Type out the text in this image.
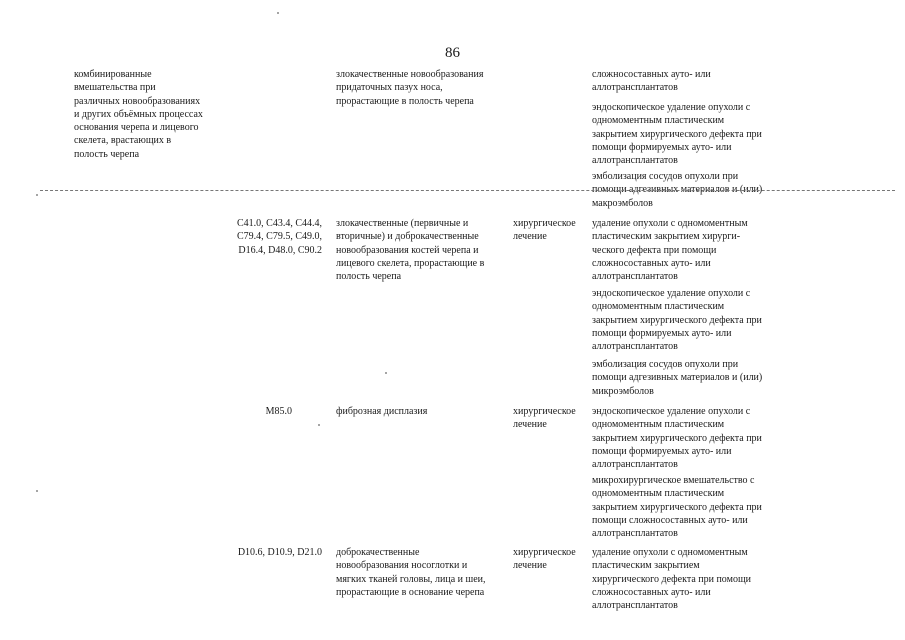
86
комбинированные
вмешательства при
различных новообразованиях
и других объёмных процессах
основания черепа и лицевого
скелета, врастающих в
полость черепа
злокачественные новообразования
придаточных пазух носа,
прорастающие в полость черепа
сложносоставных ауто- или
аллотрансплантатов
эндоскопическое удаление опухоли с
одномоментным пластическим
закрытием хирургического дефекта при
помощи формируемых ауто- или
аллотрансплантатов
эмболизация сосудов опухоли при
помощи адгезивных материалов и (или)
макроэмболов
C41.0, C43.4, C44.4,
C79.4, C79.5, C49.0,
D16.4, D48.0, C90.2
злокачественные (первичные и
вторичные) и доброкачественные
новообразования костей черепа и
лицевого скелета, прорастающие в
полость черепа
хирургическое
лечение
удаление опухоли с одномоментным
пластическим закрытием хирурги-
ческого дефекта при помощи
сложносоставных ауто- или
аллотрансплантатов
эндоскопическое удаление опухоли с
одномоментным пластическим
закрытием хирургического дефекта при
помощи формируемых ауто- или
аллотрансплантатов
эмболизация сосудов опухоли при
помощи адгезивных материалов и (или)
микроэмболов
M85.0	фиброзная дисплазия	хирургическое
лечение
эндоскопическое удаление опухоли с
одномоментным пластическим
закрытием хирургического дефекта при
помощи формируемых ауто- или
аллотрансплантатов
микрохирургическое вмешательство с
одномоментным пластическим
закрытием хирургического дефекта при
помощи сложносоставных ауто- или
аллотрансплантатов
D10.6, D10.9, D21.0 доброкачественные
новообразования носоглотки и
мягких тканей головы, лица и шеи,
прорастающие в основание черепа
хирургическое
лечение
удаление опухоли с одномоментным
пластическим закрытием
хирургического дефекта при помощи
сложносоставных ауто- или
аллотрансплантатов
